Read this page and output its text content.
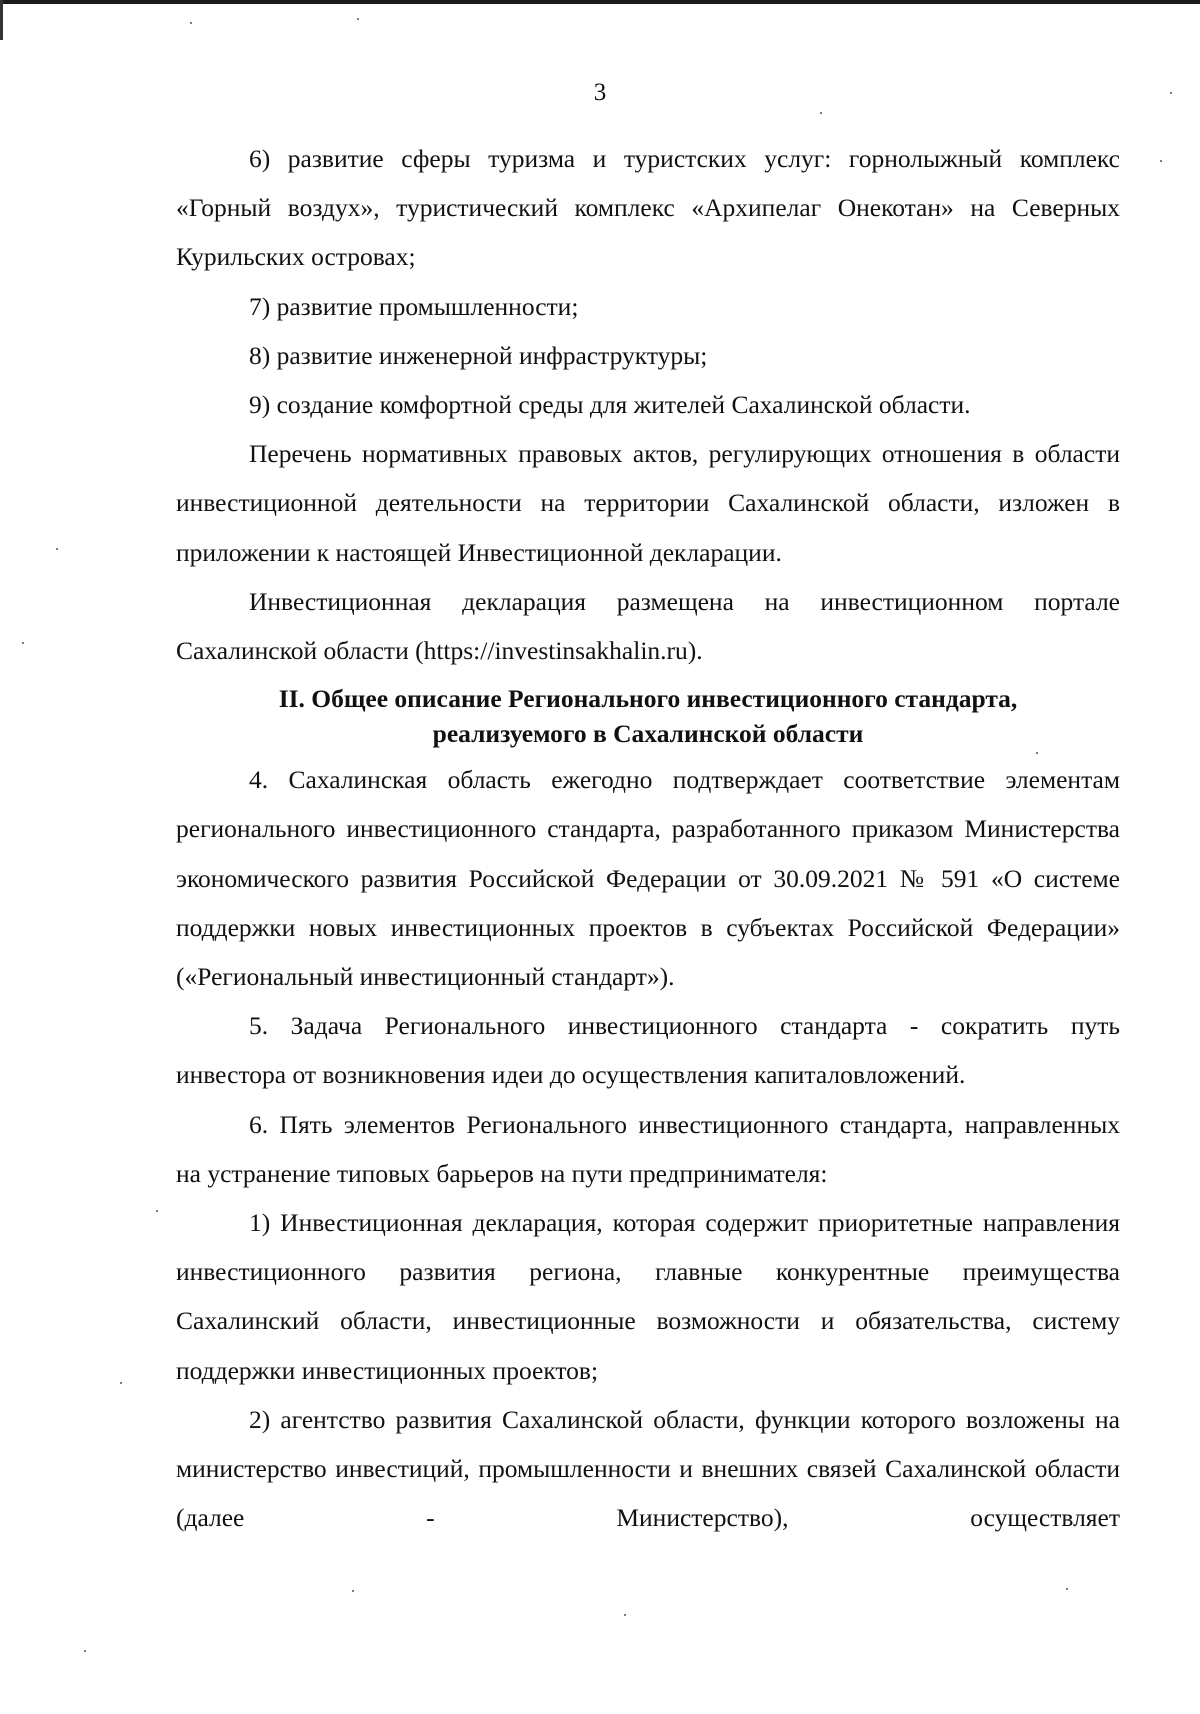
3

6) развитие сферы туризма и туристских услуг: горнолыжный комплекс «Горный воздух», туристический комплекс «Архипелаг Онекотан» на Северных Курильских островах;

7) развитие промышленности;

8) развитие инженерной инфраструктуры;

9) создание комфортной среды для жителей Сахалинской области.

Перечень нормативных правовых актов, регулирующих отношения в области инвестиционной деятельности на территории Сахалинской области, изложен в приложении к настоящей Инвестиционной декларации.

Инвестиционная декларация размещена на инвестиционном портале Сахалинской области (https://investinsakhalin.ru).

II. Общее описание Регионального инвестиционного стандарта,
реализуемого в Сахалинской области

4. Сахалинская область ежегодно подтверждает соответствие элементам регионального инвестиционного стандарта, разработанного приказом Министерства экономического развития Российской Федерации от 30.09.2021 № 591 «О системе поддержки новых инвестиционных проектов в субъектах Российской Федерации» («Региональный инвестиционный стандарт»).

5. Задача Регионального инвестиционного стандарта - сократить путь инвестора от возникновения идеи до осуществления капиталовложений.

6. Пять элементов Регионального инвестиционного стандарта, направленных на устранение типовых барьеров на пути предпринимателя:

1) Инвестиционная декларация, которая содержит приоритетные направления инвестиционного развития региона, главные конкурентные преимущества Сахалинский области, инвестиционные возможности и обязательства, систему поддержки инвестиционных проектов;

2) агентство развития Сахалинской области, функции которого возложены на министерство инвестиций, промышленности и внешних связей Сахалинской области (далее - Министерство), осуществляет
